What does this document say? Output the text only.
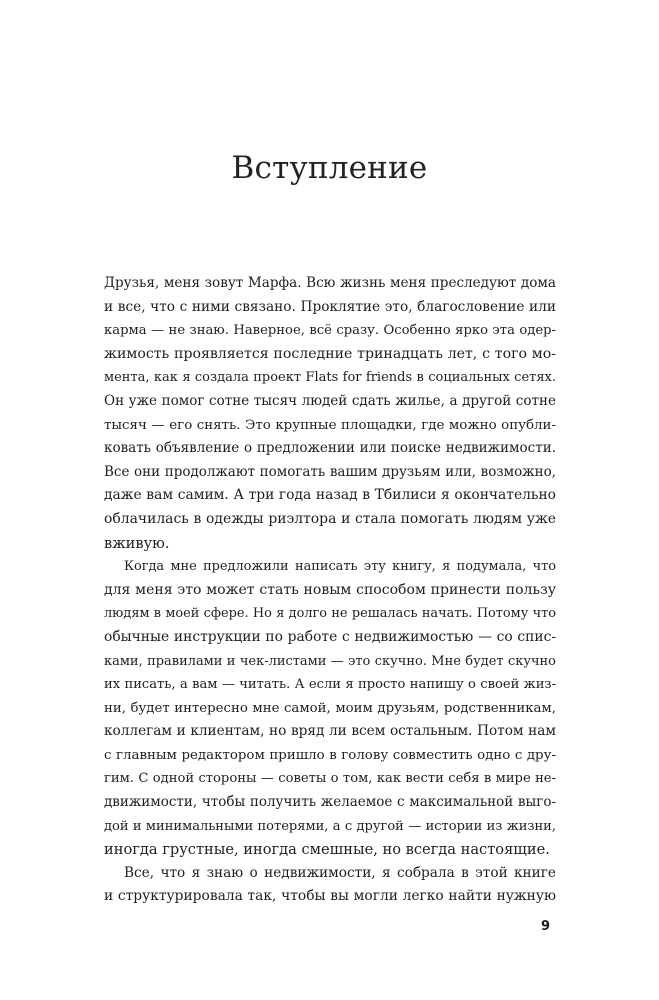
Вступление
Друзья, меня зовут Марфа. Всю жизнь меня преследуют дома
и все, что с ними связано. Проклятие это, благословение или
карма — не знаю. Наверное, всё сразу. Особенно ярко эта одер-
жимость проявляется последние тринадцать лет, с того мо-
мента, как я создала проект Flats for friends в социальных сетях.
Он уже помог сотне тысяч людей сдать жилье, а другой сотне
тысяч — его снять. Это крупные площадки, где можно опубли-
ковать объявление о предложении или поиске недвижимости.
Все они продолжают помогать вашим друзьям или, возможно,
даже вам самим. А три года назад в Тбилиси я окончательно
облачилась в одежды риэлтора и стала помогать людям уже
вживую.
Когда мне предложили написать эту книгу, я подумала, что
для меня это может стать новым способом принести пользу
людям в моей сфере. Но я долго не решалась начать. Потому что
обычные инструкции по работе с недвижимостью — со спис-
ками, правилами и чек-листами — это скучно. Мне будет скучно
их писать, а вам — читать. А если я просто напишу о своей жиз-
ни, будет интересно мне самой, моим друзьям, родственникам,
коллегам и клиентам, но вряд ли всем остальным. Потом нам
с главным редактором пришло в голову совместить одно с дру-
гим. С одной стороны — советы о том, как вести себя в мире не-
движимости, чтобы получить желаемое с максимальной выго-
дой и минимальными потерями, а с другой — истории из жизни,
иногда грустные, иногда смешные, но всегда настоящие.
Все, что я знаю о недвижимости, я собрала в этой книге
и структурировала так, чтобы вы могли легко найти нужную
9
